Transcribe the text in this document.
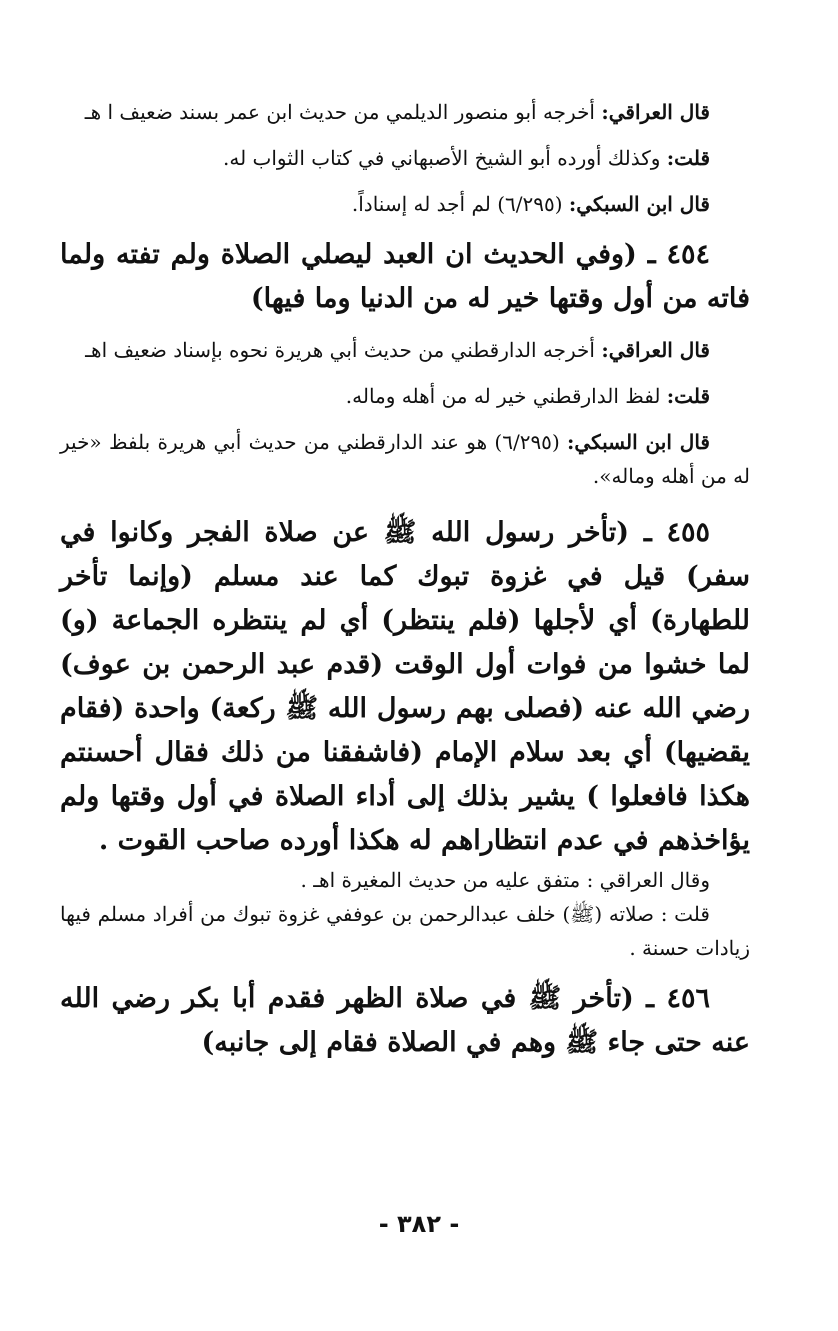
قال العراقي: أخرجه أبو منصور الديلمي من حديث ابن عمر بسند ضعيف ا هـ

قلت: وكذلك أورده أبو الشيخ الأصبهاني في كتاب الثواب له.

قال ابن السبكي: (٦/٢٩٥) لم أجد له إسناداً.

٤٥٤ ـ (وفي الحديث ان العبد ليصلي الصلاة ولم تفته ولما فاته من أول وقتها خير له من الدنيا وما فيها)

قال العراقي: أخرجه الدارقطني من حديث أبي هريرة نحوه بإسناد ضعيف اهـ

قلت: لفظ الدارقطني خير له من أهله وماله.

قال ابن السبكي: (٦/٢٩٥) هو عند الدارقطني من حديث أبي هريرة بلفظ «خير له من أهله وماله».

٤٥٥ ـ (تأخر رسول الله ﷺ عن صلاة الفجر وكانوا في سفر) قيل في غزوة تبوك كما عند مسلم (وإنما تأخر للطهارة) أي لأجلها (فلم ينتظر) أي لم ينتظره الجماعة (و) لما خشوا من فوات أول الوقت (قدم عبد الرحمن بن عوف) رضي الله عنه (فصلى بهم رسول الله ﷺ ركعة) واحدة (فقام يقضيها) أي بعد سلام الإمام (فاشفقنا من ذلك فقال أحسنتم هكذا فافعلوا ) يشير بذلك إلى أداء الصلاة في أول وقتها ولم يؤاخذهم في عدم انتظاراهم له هكذا أورده صاحب القوت .

وقال العراقي : متفق عليه من حديث المغيرة اهـ .

قلت : صلاته (ﷺ) خلف عبدالرحمن بن عوففي غزوة تبوك من أفراد مسلم فيها زيادات حسنة .

٤٥٦ ـ (تأخر ﷺ في صلاة الظهر فقدم أبا بكر رضي الله عنه حتى جاء ﷺ وهم في الصلاة فقام إلى جانبه)

- ٣٨٢ -
